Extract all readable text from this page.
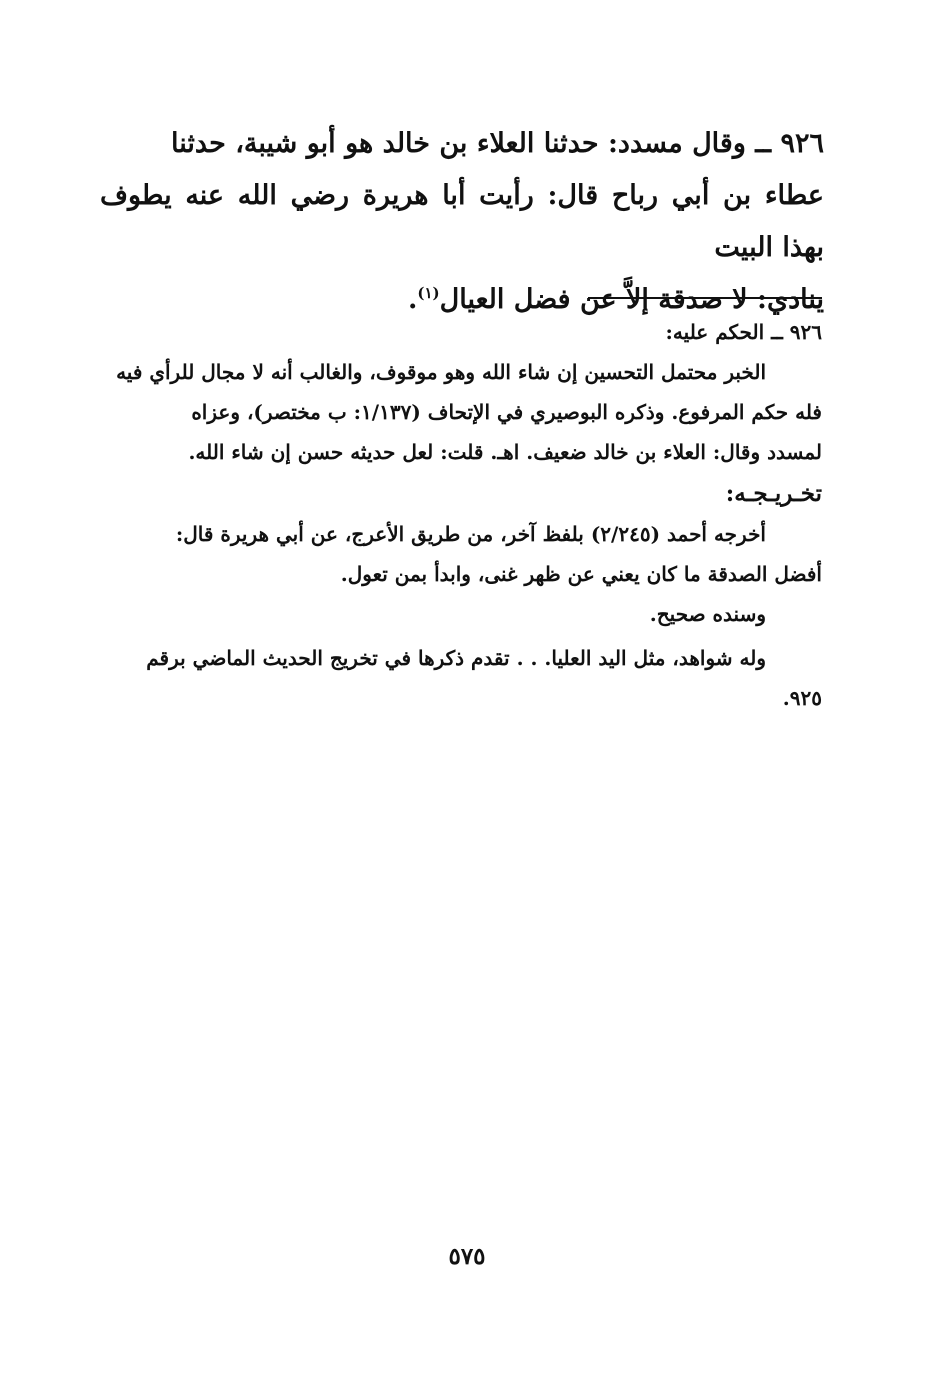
٩٢٦ ــ وقال مسدد: حدثنا العلاء بن خالد هو أبو شيبة، حدثنا

عطاء بن أبي رباح قال: رأيت أبا هريرة رضي الله عنه يطوف بهذا البيت

ينادي: لا صدقة إلاَّ عن فضل العيال$^{(١)}$.

٩٢٦ ــ الحكم عليه:

الخبر محتمل التحسين إن شاء الله وهو موقوف، والغالب أنه لا مجال للرأي فيه

فله حكم المرفوع. وذكره البوصيري في الإتحاف (١/١٣٧: ب مختصر)، وعزاه

لمسدد وقال: العلاء بن خالد ضعيف. اهـ. قلت: لعل حديثه حسن إن شاء الله.

تخـريـجـه:

أخرجه أحمد (٢/٢٤٥) بلفظ آخر، من طريق الأعرج، عن أبي هريرة قال:

أفضل الصدقة ما كان يعني عن ظهر غنى، وابدأ بمن تعول.

وسنده صحيح.

وله شواهد، مثل اليد العليا. . . تقدم ذكرها في تخريج الحديث الماضي برقم

٩٢٥.

٥٧٥
